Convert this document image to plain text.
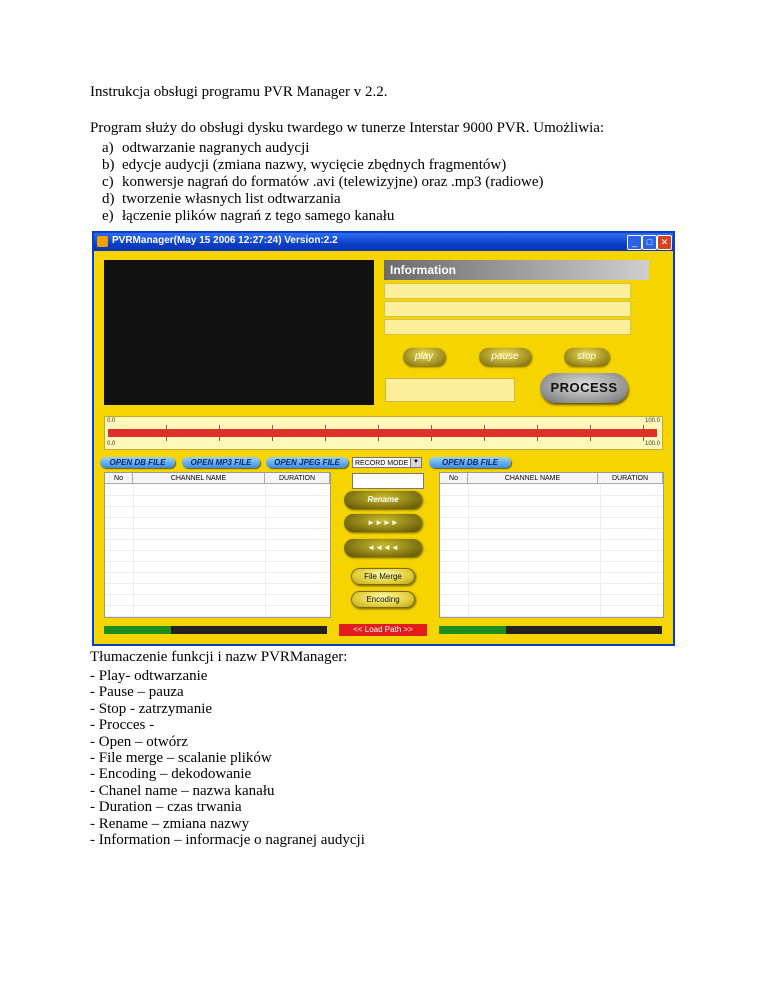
Instrukcja obsługi programu PVR Manager v 2.2.
Program służy do obsługi dysku twardego w tunerze Interstar 9000 PVR. Umożliwia:
a) odtwarzanie nagranych audycji
b) edycje audycji (zmiana nazwy, wycięcie zbędnych fragmentów)
c) konwersje nagrań do formatów .avi (telewizyjne) oraz .mp3 (radiowe)
d) tworzenie własnych list odtwarzania
e) łączenie plików nagrań z tego samego kanału
PVRManager(May 15 2006 12:27:24) Version:2.2	_	□ ✕
Information
play	pause	stop
PROCESS
0.0	100.0
0.0	100.0
OPEN DB FILE	OPEN MP3 FILE	OPEN JPEG FILE	RECORD MODE ▼	OPEN DB FILE
No	CHANNEL NAME	DURATION	No	CHANNEL NAME	DURATION
Rename
►►►►
◄◄◄◄
File Merge
Encoding
<< Load Path >>
Tłumaczenie funkcji i nazw PVRManager:
- Play- odtwarzanie
- Pause – pauza
- Stop - zatrzymanie
- Procces -
- Open – otwórz
- File merge – scalanie plików
- Encoding – dekodowanie
- Chanel name – nazwa kanału
- Duration – czas trwania
- Rename – zmiana nazwy
- Information – informacje o nagranej audycji
